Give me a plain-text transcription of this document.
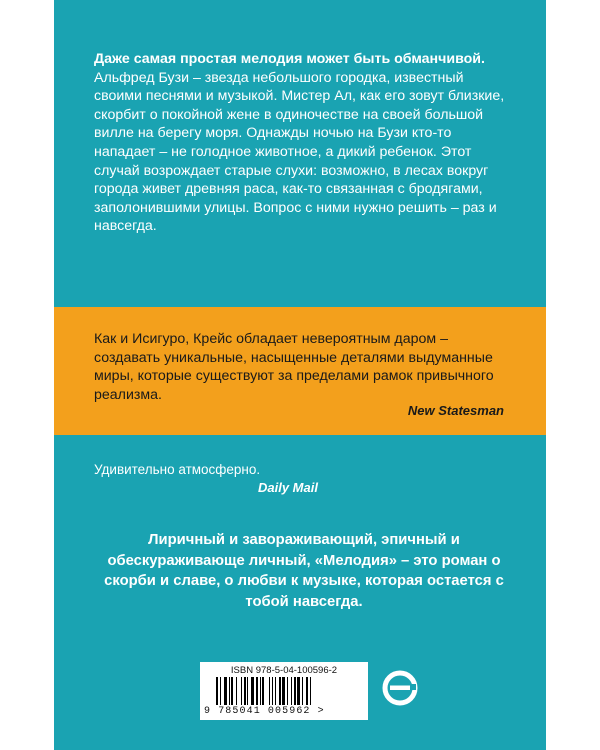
Даже самая простая мелодия может быть обманчивой.

Альфред Бузи – звезда небольшого городка, известный своими песнями и музыкой. Мистер Ал, как его зовут близкие, скорбит о покойной жене в одиночестве на своей большой вилле на берегу моря. Однажды ночью на Бузи кто-то нападает – не голодное животное, а дикий ребенок. Этот случай возрождает старые слухи: возможно, в лесах вокруг города живет древняя раса, как-то связанная с бродягами, заполонившими улицы. Вопрос с ними нужно решить – раз и навсегда.

Как и Исигуро, Крейс обладает невероятным даром – создавать уникальные, насыщенные деталями выдуманные миры, которые существуют за пределами рамок привычного реализма.
New Statesman
Удивительно атмосферно.
Daily Mail
Лиричный и завораживающий, эпичный и обескураживающе личный, «Мелодия» – это роман о скорби и славе, о любви к музыке, которая остается с тобой навсегда.
ISBN 978-5-04-100596-2
9 785041 005962 >
